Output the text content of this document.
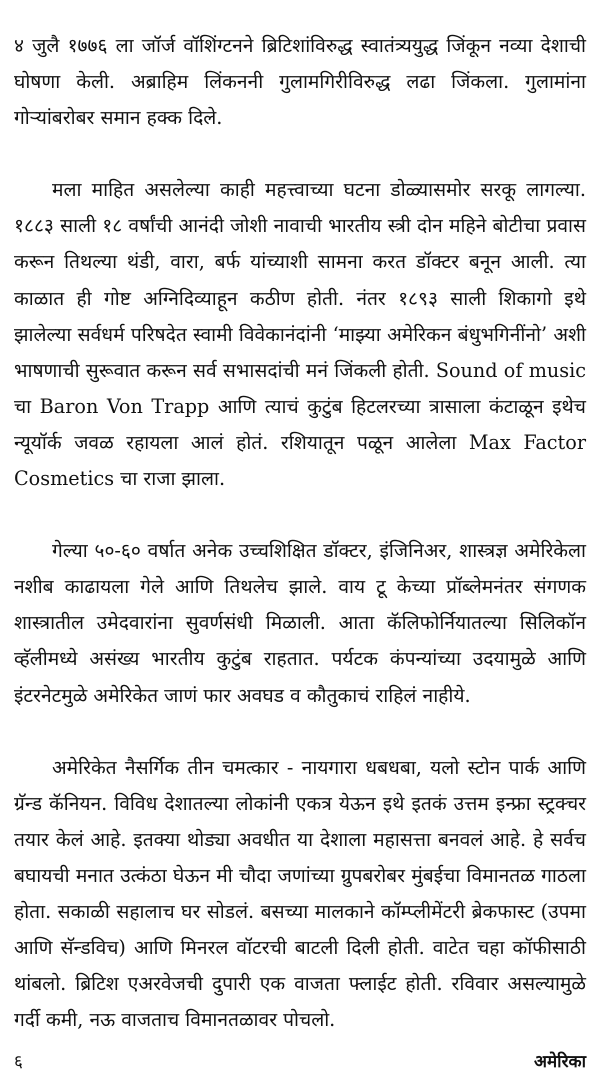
४ जुलै १७७६ ला जॉर्ज वॉशिंग्टनने ब्रिटिशांविरुद्ध स्वातंत्र्ययुद्ध जिंकून नव्या देशाची घोषणा केली. अब्राहिम लिंकननी गुलामगिरीविरुद्ध लढा जिंकला. गुलामांना गोऱ्यांबरोबर समान हक्क दिले.

मला माहित असलेल्या काही महत्त्वाच्या घटना डोळ्यासमोर सरकू लागल्या. १८८३ साली १८ वर्षांची आनंदी जोशी नावाची भारतीय स्त्री दोन महिने बोटीचा प्रवास करून तिथल्या थंडी, वारा, बर्फ यांच्याशी सामना करत डॉक्टर बनून आली. त्या काळात ही गोष्ट अग्निदिव्याहून कठीण होती. नंतर १८९३ साली शिकागो इथे झालेल्या सर्वधर्म परिषदेत स्वामी विवेकानंदांनी ‘माझ्या अमेरिकन बंधुभगिनींनो’ अशी भाषणाची सुरूवात करून सर्व सभासदांची मनं जिंकली होती. Sound of music चा Baron Von Trapp आणि त्याचं कुटुंब हिटलरच्या त्रासाला कंटाळून इथेच न्यूयॉर्क जवळ रहायला आलं होतं. रशियातून पळून आलेला Max Factor Cosmetics चा राजा झाला.

गेल्या ५०-६० वर्षात अनेक उच्चशिक्षित डॉक्टर, इंजिनिअर, शास्त्रज्ञ अमेरिकेला नशीब काढायला गेले आणि तिथलेच झाले. वाय टू केच्या प्रॉब्लेमनंतर संगणक शास्त्रातील उमेदवारांना सुवर्णसंधी मिळाली. आता कॅलिफोर्नियातल्या सिलिकॉन व्हॅलीमध्ये असंख्य भारतीय कुटुंब राहतात. पर्यटक कंपन्यांच्या उदयामुळे आणि इंटरनेटमुळे अमेरिकेत जाणं फार अवघड व कौतुकाचं राहिलं नाहीये.

अमेरिकेत नैसर्गिक तीन चमत्कार - नायगारा धबधबा, यलो स्टोन पार्क आणि ग्रॅन्ड कॅनियन. विविध देशातल्या लोकांनी एकत्र येऊन इथे इतकं उत्तम इन्फ्रा स्ट्रक्चर तयार केलं आहे. इतक्या थोड्या अवधीत या देशाला महासत्ता बनवलं आहे. हे सर्वच बघायची मनात उत्कंठा घेऊन मी चौदा जणांच्या ग्रुपबरोबर मुंबईचा विमानतळ गाठला होता. सकाळी सहालाच घर सोडलं. बसच्या मालकाने कॉम्प्लीमेंटरी ब्रेकफास्ट (उपमा आणि सॅन्डविच) आणि मिनरल वॉटरची बाटली दिली होती. वाटेत चहा कॉफीसाठी थांबलो. ब्रिटिश एअरवेजची दुपारी एक वाजता फ्लाईट होती. रविवार असल्यामुळे गर्दी कमी, नऊ वाजताच विमानतळावर पोचलो.

६	अमेरिका
